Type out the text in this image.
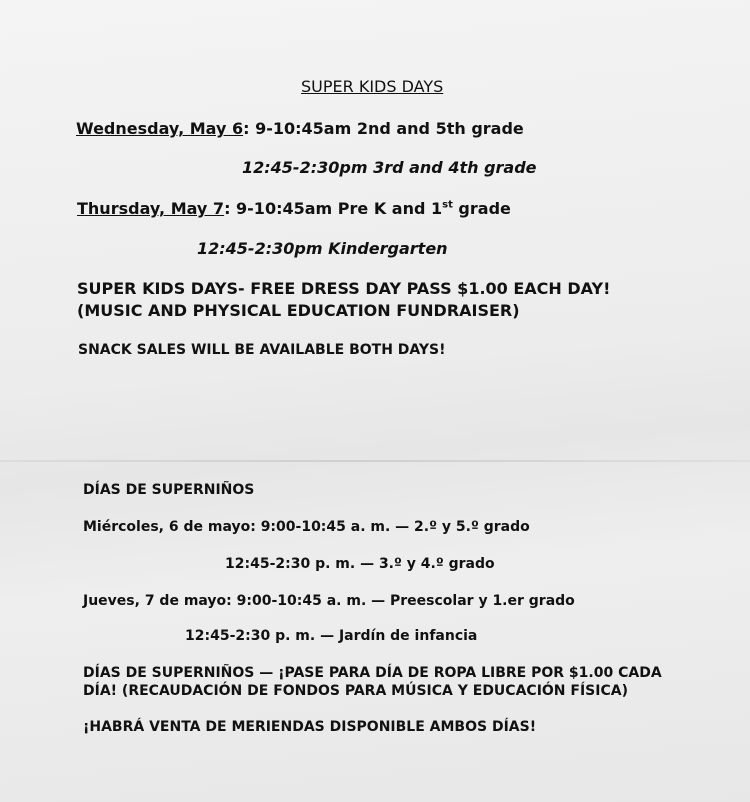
SUPER KIDS DAYS
Wednesday, May 6: 9-10:45am 2nd and 5th grade
12:45-2:30pm 3rd and 4th grade
Thursday, May 7: 9-10:45am Pre K and 1st grade
12:45-2:30pm Kindergarten
SUPER KIDS DAYS- FREE DRESS DAY PASS $1.00 EACH DAY!
(MUSIC AND PHYSICAL EDUCATION FUNDRAISER)
SNACK SALES WILL BE AVAILABLE BOTH DAYS!
DÍAS DE SUPERNIÑOS
Miércoles, 6 de mayo: 9:00-10:45 a. m. — 2.º y 5.º grado
12:45-2:30 p. m. — 3.º y 4.º grado
Jueves, 7 de mayo: 9:00-10:45 a. m. — Preescolar y 1.er grado
12:45-2:30 p. m. — Jardín de infancia
DÍAS DE SUPERNIÑOS — ¡PASE PARA DÍA DE ROPA LIBRE POR $1.00 CADA
DÍA! (RECAUDACIÓN DE FONDOS PARA MÚSICA Y EDUCACIÓN FÍSICA)
¡HABRÁ VENTA DE MERIENDAS DISPONIBLE AMBOS DÍAS!
